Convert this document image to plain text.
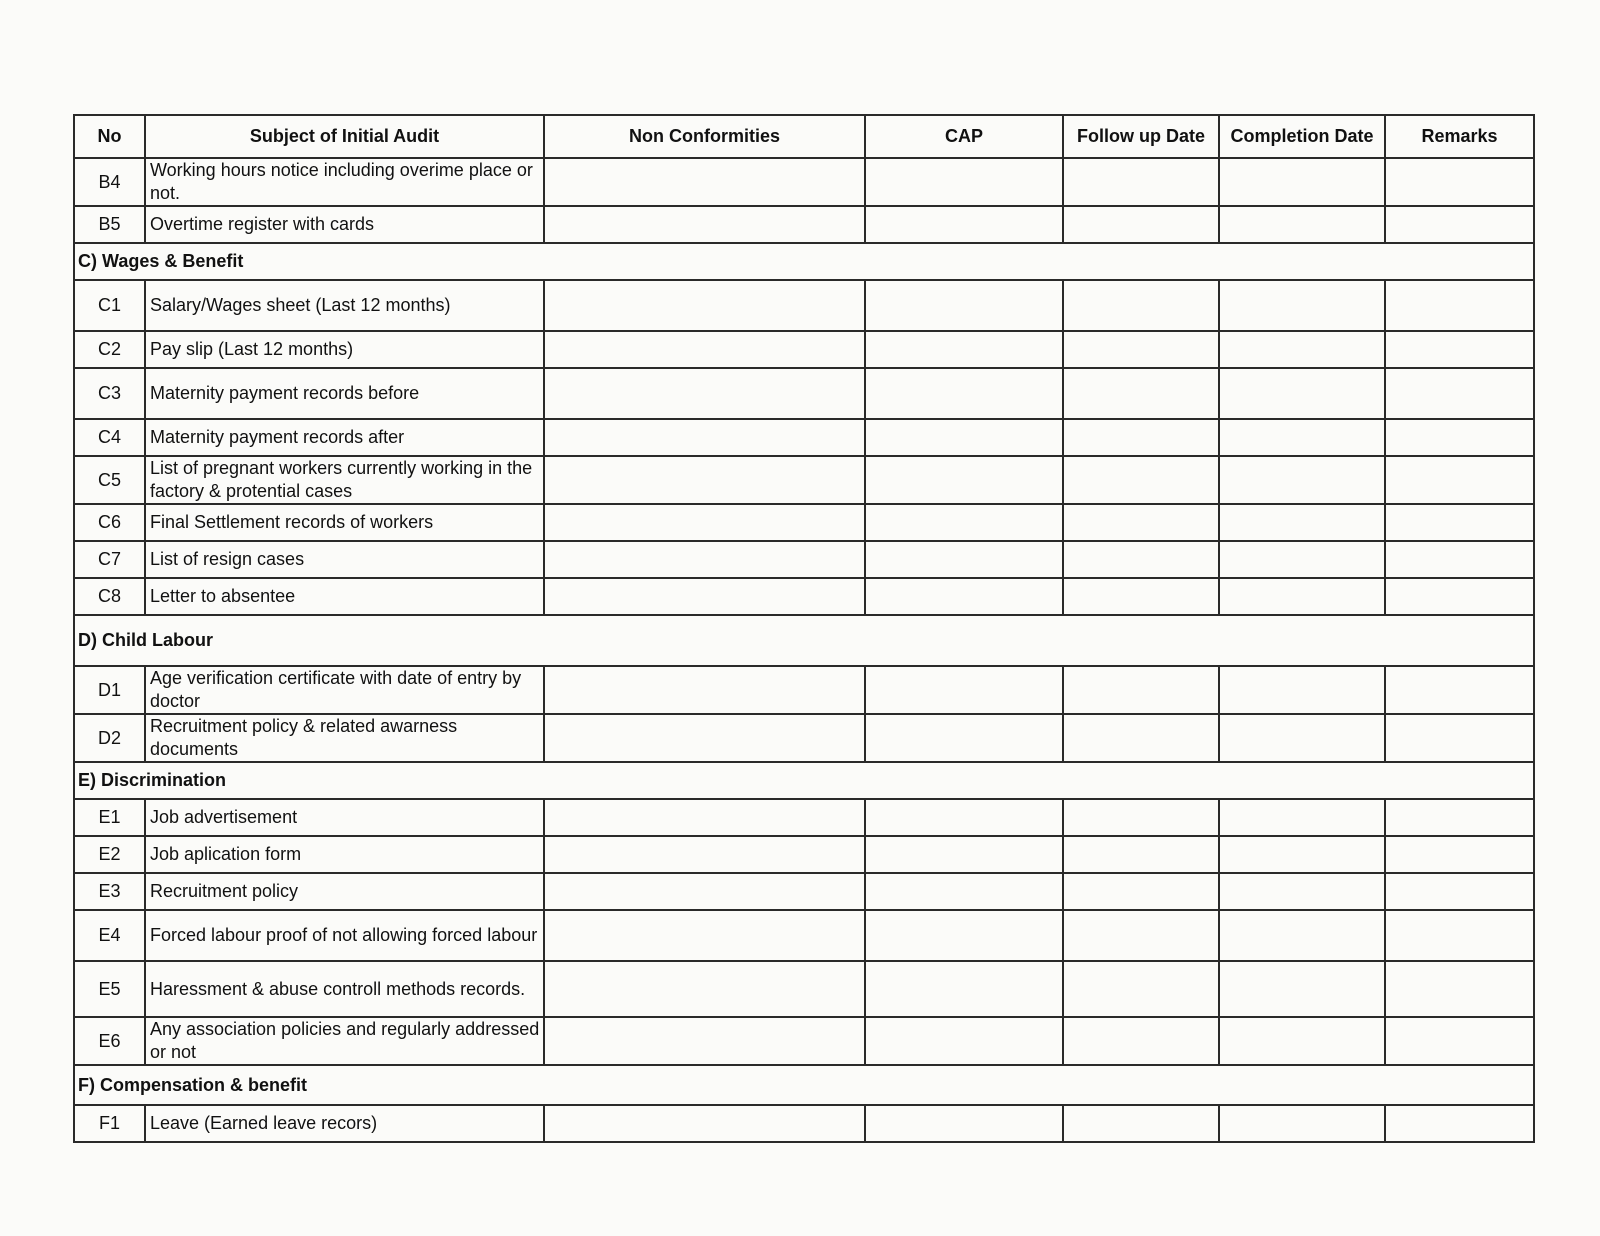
No	Subject of Initial Audit	Non Conformities	CAP	Follow up Date	Completion Date	Remarks
B4	Working hours notice including overime place or not.					
B5	Overtime register with cards					
C) Wages & Benefit						
C1	Salary/Wages sheet (Last 12 months)					
C2	Pay slip (Last 12 months)					
C3	Maternity payment records before					
C4	Maternity payment records after					
C5	List of pregnant workers currently working in the factory & protential cases					
C6	Final Settlement records of workers					
C7	List of resign cases					
C8	Letter to absentee					
D) Child Labour						
D1	Age verification certificate with date of entry by doctor					
D2	Recruitment policy & related awarness documents					
E) Discrimination						
E1	Job advertisement					
E2	Job aplication form					
E3	Recruitment policy					
E4	Forced labour proof of not allowing forced labour					
E5	Haressment & abuse controll methods records.					
E6	Any association policies and regularly addressed or not					
F) Compensation & benefit						
F1	Leave (Earned leave recors)					
